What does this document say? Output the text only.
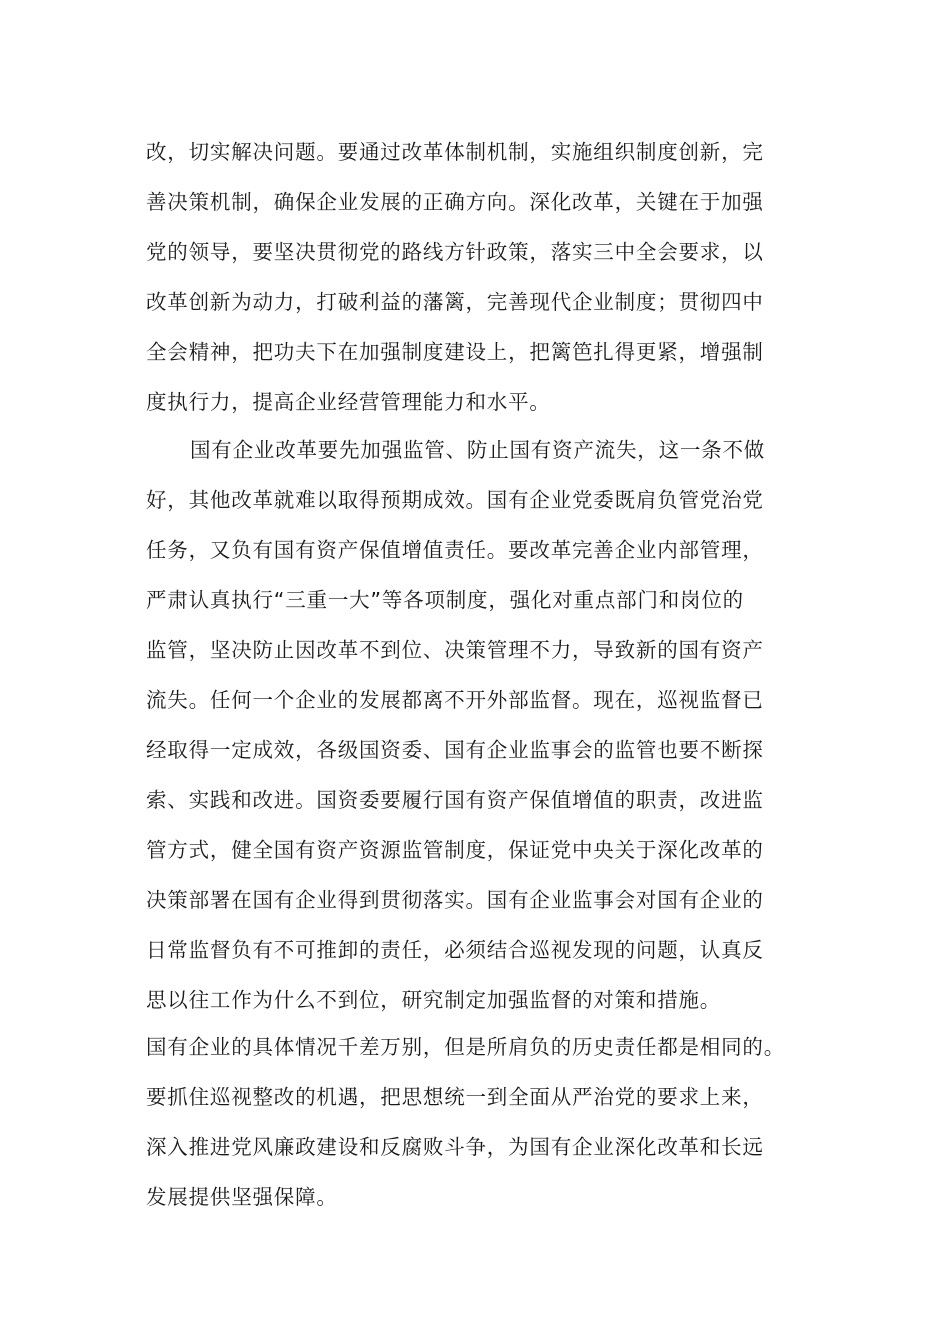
改，切实解决问题。要通过改革体制机制，实施组织制度创新，完
善决策机制，确保企业发展的正确方向。深化改革，关键在于加强
党的领导，要坚决贯彻党的路线方针政策，落实三中全会要求，以
改革创新为动力，打破利益的藩篱，完善现代企业制度；贯彻四中
全会精神，把功夫下在加强制度建设上，把篱笆扎得更紧，增强制
度执行力，提高企业经营管理能力和水平。
国有企业改革要先加强监管、防止国有资产流失，这一条不做
好，其他改革就难以取得预期成效。国有企业党委既肩负管党治党
任务，又负有国有资产保值增值责任。要改革完善企业内部管理，
严肃认真执行“三重一大”等各项制度，强化对重点部门和岗位的
监管，坚决防止因改革不到位、决策管理不力，导致新的国有资产
流失。任何一个企业的发展都离不开外部监督。现在，巡视监督已
经取得一定成效，各级国资委、国有企业监事会的监管也要不断探
索、实践和改进。国资委要履行国有资产保值增值的职责，改进监
管方式，健全国有资产资源监管制度，保证党中央关于深化改革的
决策部署在国有企业得到贯彻落实。国有企业监事会对国有企业的
日常监督负有不可推卸的责任，必须结合巡视发现的问题，认真反
思以往工作为什么不到位，研究制定加强监督的对策和措施。
国有企业的具体情况千差万别，但是所肩负的历史责任都是相同的。
要抓住巡视整改的机遇，把思想统一到全面从严治党的要求上来，
深入推进党风廉政建设和反腐败斗争，为国有企业深化改革和长远
发展提供坚强保障。
